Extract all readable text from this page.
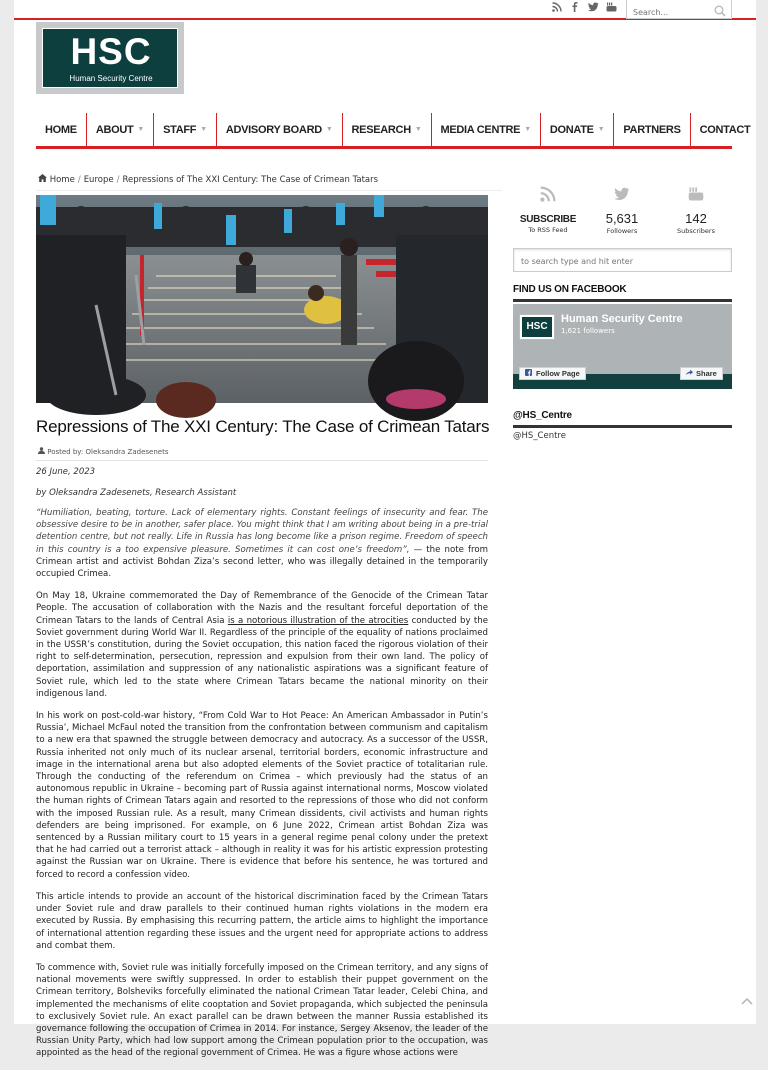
Search...
HSC
Human Security Centre
HOME ABOUT ▼ STAFF ▼ ADVISORY BOARD ▼ RESEARCH ▼ MEDIA CENTRE ▼ DONATE ▼ PARTNERS CONTACT
Home / Europe / Repressions of The XXI Century: The Case of Crimean Tatars
Repressions of The XXI Century: The Case of Crimean Tatars
Posted by: Oleksandra Zadesenets
26 June, 2023
by Oleksandra Zadesenets, Research Assistant

“Humiliation, beating, torture. Lack of elementary rights. Constant feelings of insecurity and fear. The obsessive desire to be in another, safer place. You might think that I am writing about being in a pre-trial detention centre, but not really. Life in Russia has long become like a prison regime. Freedom of speech in this country is a too expensive pleasure. Sometimes it can cost one’s freedom”, — the note from Crimean artist and activist Bohdan Ziza’s second letter, who was illegally detained in the temporarily occupied Crimea.

On May 18, Ukraine commemorated the Day of Remembrance of the Genocide of the Crimean Tatar People. The accusation of collaboration with the Nazis and the resultant forceful deportation of the Crimean Tatars to the lands of Central Asia is a notorious illustration of the atrocities conducted by the Soviet government during World War II. Regardless of the principle of the equality of nations proclaimed in the USSR’s constitution, during the Soviet occupation, this nation faced the rigorous violation of their right to self-determination, persecution, repression and expulsion from their own land. The policy of deportation, assimilation and suppression of any nationalistic aspirations was a significant feature of Soviet rule, which led to the state where Crimean Tatars became the national minority on their indigenous land.

In his work on post-cold-war history, “From Cold War to Hot Peace: An American Ambassador in Putin’s Russia’, Michael McFaul noted the transition from the confrontation between communism and capitalism to a new era that spawned the struggle between democracy and autocracy. As a successor of the USSR, Russia inherited not only much of its nuclear arsenal, territorial borders, economic infrastructure and image in the international arena but also adopted elements of the Soviet practice of totalitarian rule. Through the conducting of the referendum on Crimea – which previously had the status of an autonomous republic in Ukraine – becoming part of Russia against international norms, Moscow violated the human rights of Crimean Tatars again and resorted to the repressions of those who did not conform with the imposed Russian rule. As a result, many Crimean dissidents, civil activists and human rights defenders are being imprisoned. For example, on 6 June 2022, Crimean artist Bohdan Ziza was sentenced by a Russian military court to 15 years in a general regime penal colony under the pretext that he had carried out a terrorist attack – although in reality it was for his artistic expression protesting against the Russian war on Ukraine. There is evidence that before his sentence, he was tortured and forced to record a confession video.

This article intends to provide an account of the historical discrimination faced by the Crimean Tatars under Soviet rule and draw parallels to their continued human rights violations in the modern era executed by Russia. By emphasising this recurring pattern, the article aims to highlight the importance of international attention regarding these issues and the urgent need for appropriate actions to address and combat them.

To commence with, Soviet rule was initially forcefully imposed on the Crimean territory, and any signs of national movements were swiftly suppressed. In order to establish their puppet government on the Crimean territory, Bolsheviks forcefully eliminated the national Crimean Tatar leader, Celebi China, and implemented the mechanisms of elite cooptation and Soviet propaganda, which subjected the peninsula to exclusively Soviet rule. An exact parallel can be drawn between the manner Russia established its governance following the occupation of Crimea in 2014. For instance, Sergey Aksenov, the leader of the Russian Unity Party, which had low support among the Crimean population prior to the occupation, was appointed as the head of the regional government of Crimea. He was a figure whose actions were

SUBSCRIBE
To RSS Feed
5,631
Followers
142
Subscribers
to search type and hit enter
FIND US ON FACEBOOK
HSC
Human Security Centre
1,621 followers
Follow Page	Share
@HS_Centre
@HS_Centre
